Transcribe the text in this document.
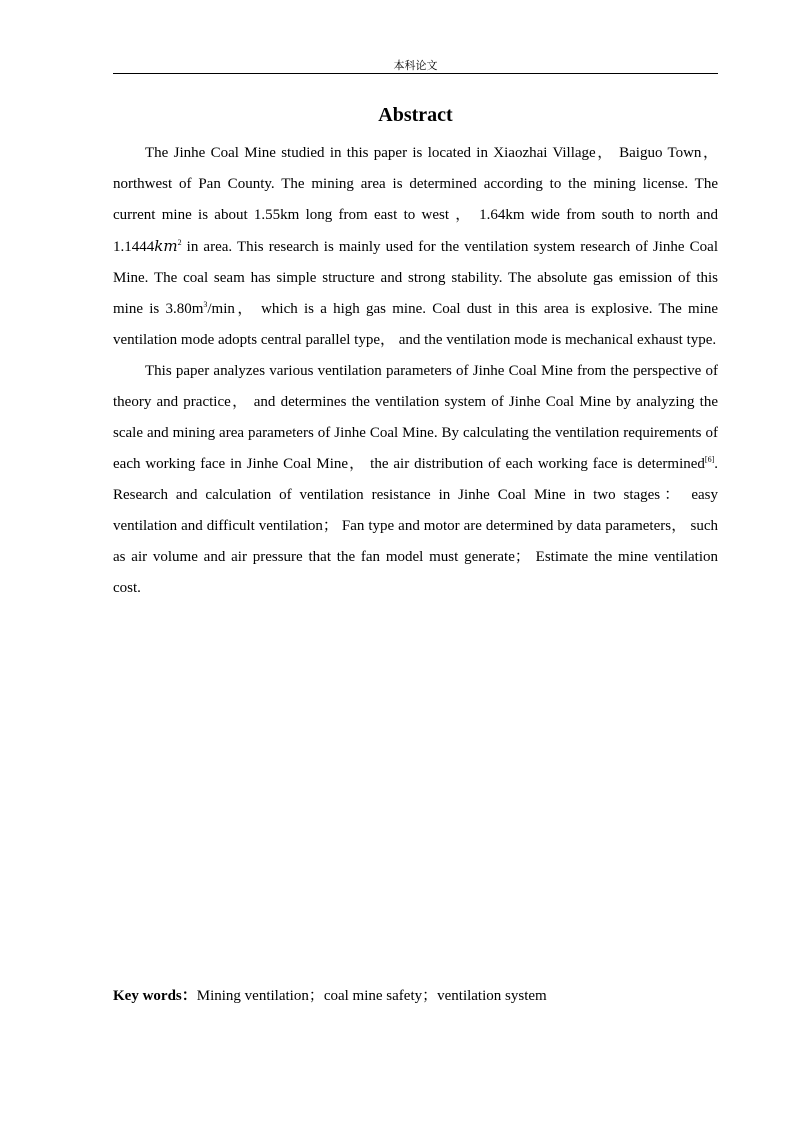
本科论文
Abstract

The Jinhe Coal Mine studied in this paper is located in Xiaozhai Village， Baiguo Town， northwest of Pan County. The mining area is determined according to the mining license. The current mine is about 1.55km long from east to west ， 1.64km wide from south to north and $1.1444km^2$ in area. This research is mainly used for the ventilation system research of Jinhe Coal Mine. The coal seam has simple structure and strong stability. The absolute gas emission of this mine is $3.80m^3/\min$， which is a high gas mine. Coal dust in this area is explosive. The mine ventilation mode adopts central parallel type， and the ventilation mode is mechanical exhaust type.

This paper analyzes various ventilation parameters of Jinhe Coal Mine from the perspective of theory and practice， and determines the ventilation system of Jinhe Coal Mine by analyzing the scale and mining area parameters of Jinhe Coal Mine. By calculating the ventilation requirements of each working face in Jinhe Coal Mine， the air distribution of each working face is determined[6]. Research and calculation of ventilation resistance in Jinhe Coal Mine in two stages： easy ventilation and difficult ventilation； Fan type and motor are determined by data parameters， such as air volume and air pressure that the fan model must generate； Estimate the mine ventilation cost.

Key words：Mining ventilation；coal mine safety；ventilation system
